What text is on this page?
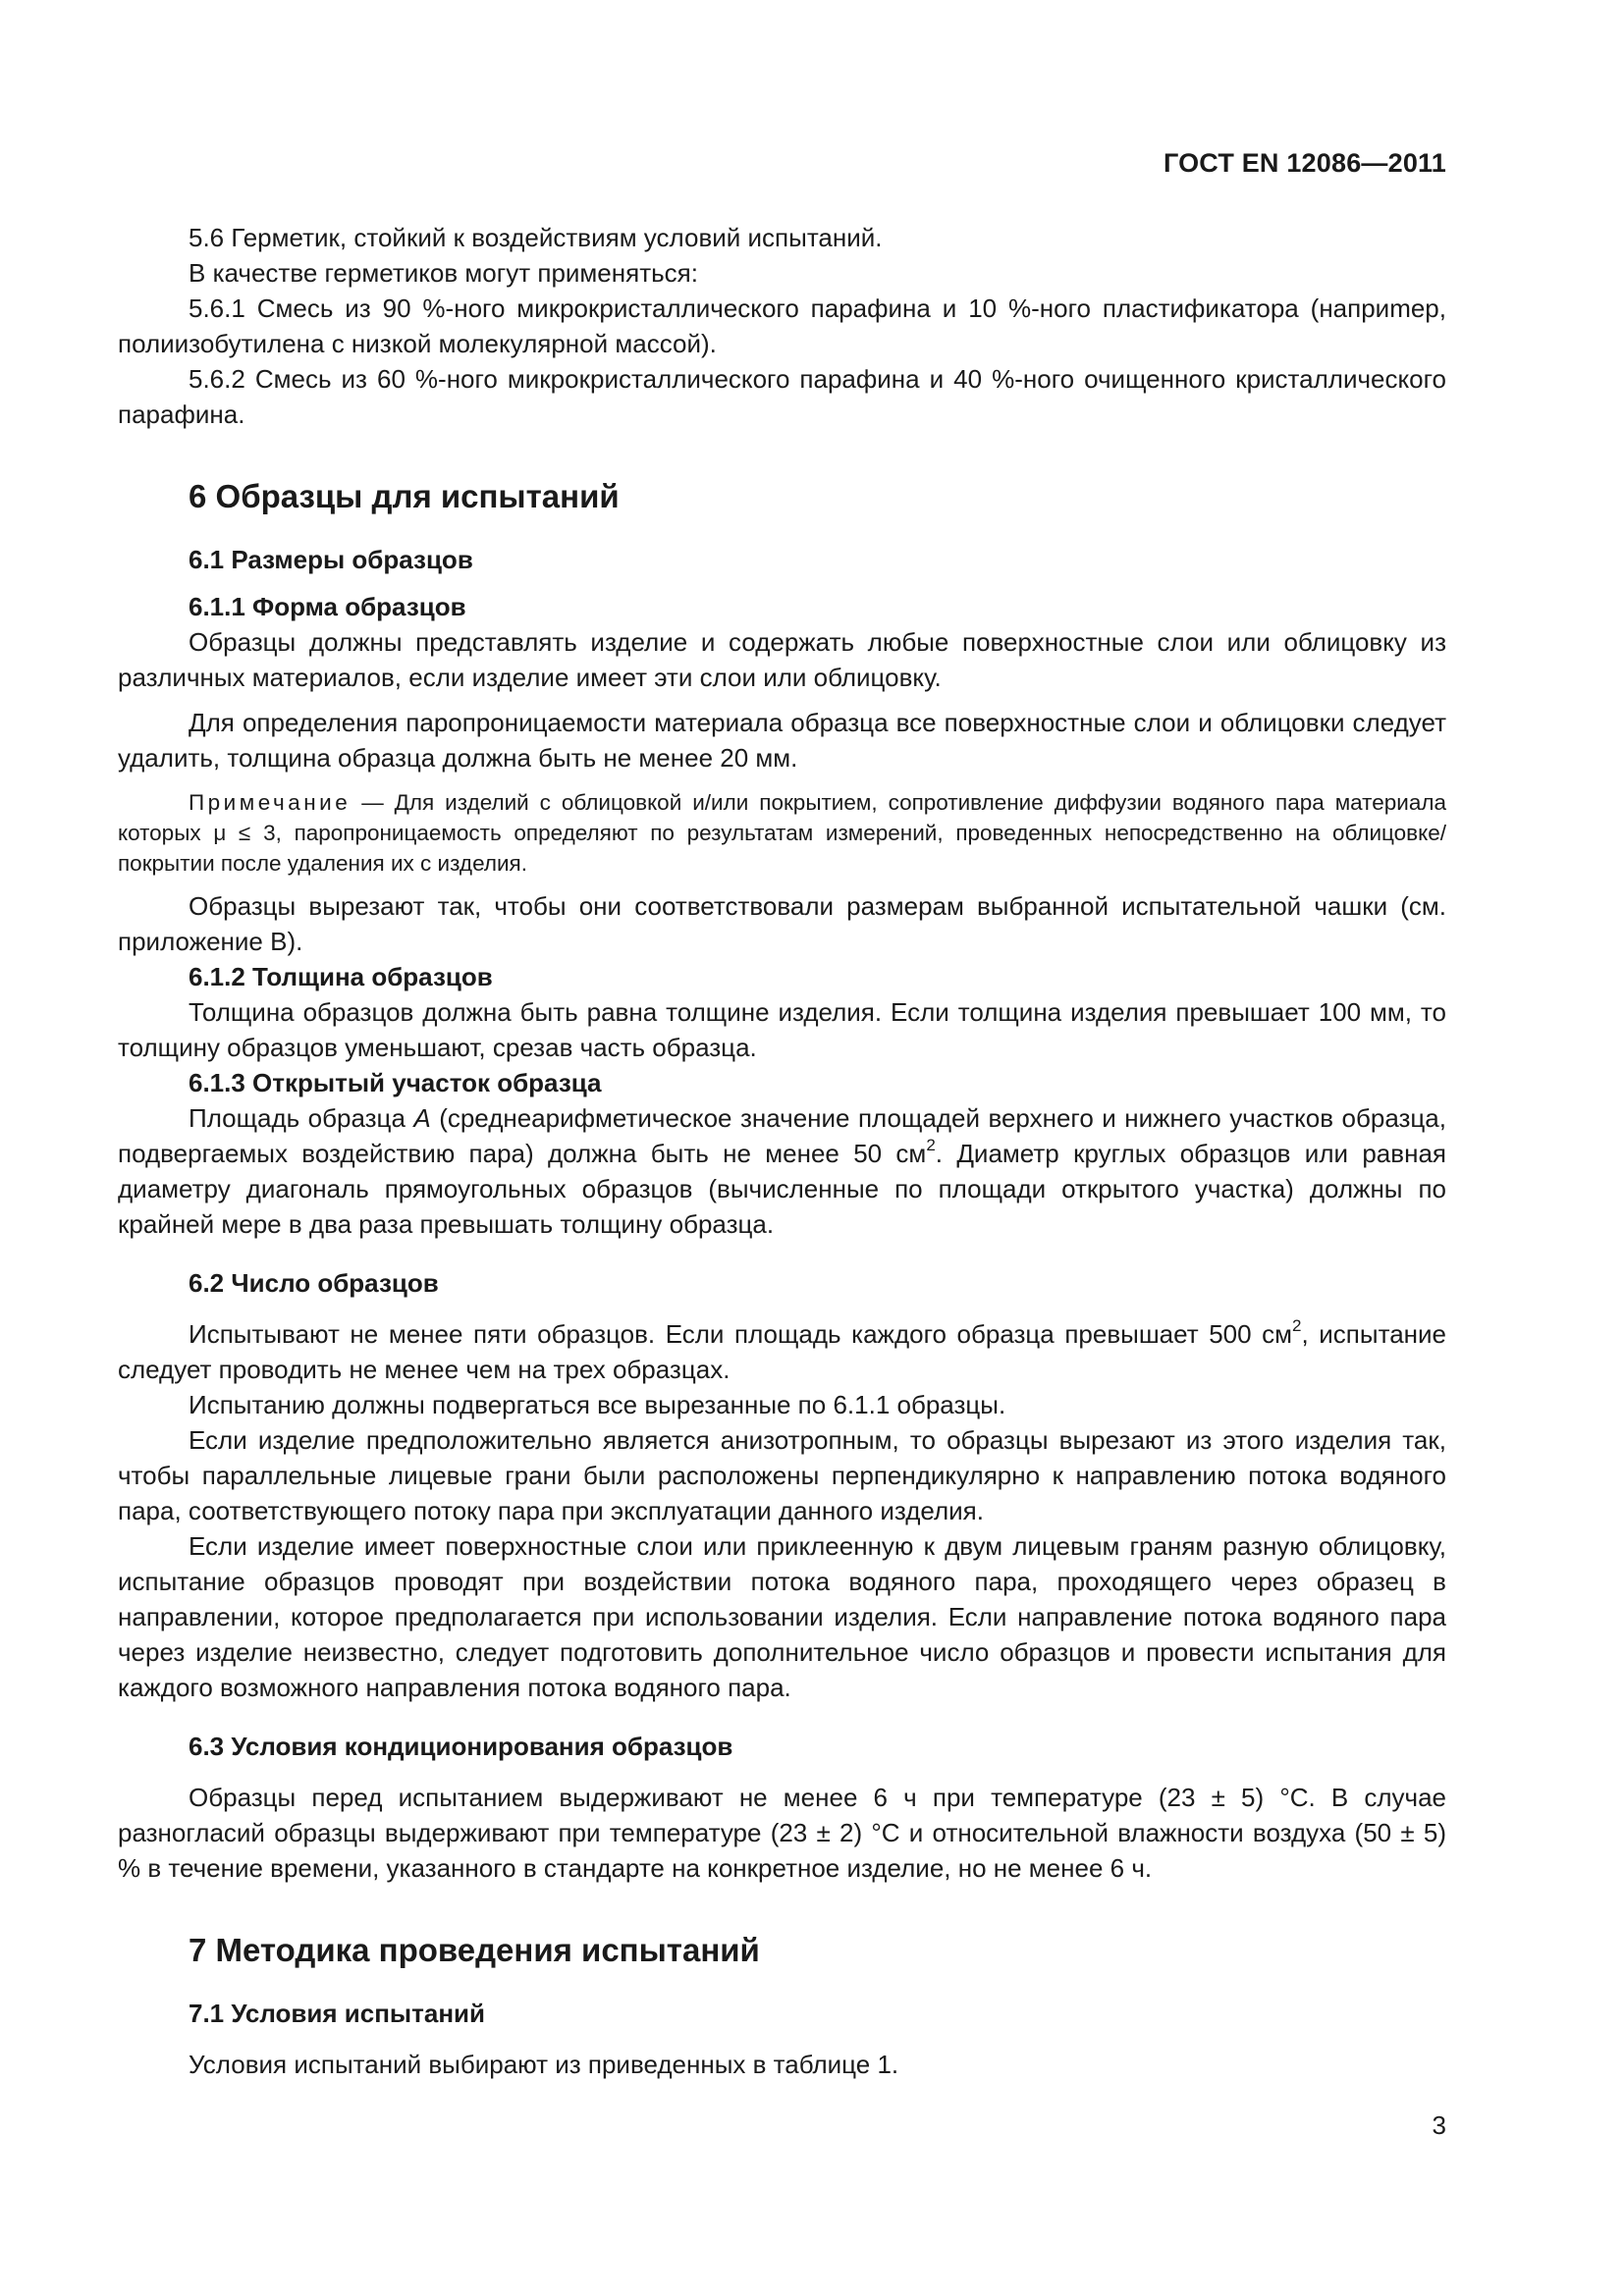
ГОСТ EN 12086—2011

5.6 Герметик, стойкий к воздействиям условий испытаний.

В качестве герметиков могут применяться:

5.6.1 Смесь из 90 %-ного микрокристаллического парафина и 10 %-ного пластификатора (наприmер, полиизобутилена с низкой молекулярной массой).

5.6.2 Смесь из 60 %-ного микрокристаллического парафина и 40 %-ного очищенного кристаллического парафина.

6 Образцы для испытаний
6.1 Размеры образцов
6.1.1 Форма образцов

Образцы должны представлять изделие и содержать любые поверхностные слои или облицовку из различных материалов, если изделие имеет эти слои или облицовку.

Для определения паропроницаемости материала образца все поверхностные слои и облицовки следует удалить, толщина образца должна быть не менее 20 мм.

Примечание — Для изделий с облицовкой и/или покрытием, сопротивление диффузии водяного пара материала которых μ ≤ 3, паропроницаемость определяют по результатам измерений, проведенных непосредственно на облицовке/покрытии после удаления их с изделия.

Образцы вырезают так, чтобы они соответствовали размерам выбранной испытательной чашки (см. приложение В).

6.1.2 Толщина образцов

Толщина образцов должна быть равна толщине изделия. Если толщина изделия превышает 100 мм, то толщину образцов уменьшают, срезав часть образца.

6.1.3 Открытый участок образца

Площадь образца A (среднеарифметическое значение площадей верхнего и нижнего участков образца, подвергаемых воздействию пара) должна быть не менее 50 $см^2$. Диаметр круглых образцов или равная диаметру диагональ прямоугольных образцов (вычисленные по площади открытого участка) должны по крайней мере в два раза превышать толщину образца.

6.2 Число образцов

Испытывают не менее пяти образцов. Если площадь каждого образца превышает 500 $см^2$, испытание следует проводить не менее чем на трех образцах.

Испытанию должны подвергаться все вырезанные по 6.1.1 образцы.

Если изделие предположительно является анизотропным, то образцы вырезают из этого изделия так, чтобы параллельные лицевые грани были расположены перпендикулярно к направлению потока водяного пара, соответствующего потоку пара при эксплуатации данного изделия.

Если изделие имеет поверхностные слои или приклеенную к двум лицевым граням разную облицовку, испытание образцов проводят при воздействии потока водяного пара, проходящего через образец в направлении, которое предполагается при использовании изделия. Если направление потока водяного пара через изделие неизвестно, следует подготовить дополнительное число образцов и провести испытания для каждого возможного направления потока водяного пара.

6.3 Условия кондиционирования образцов

Образцы перед испытанием выдерживают не менее 6 ч при температуре (23 ± 5) °С. В случае разногласий образцы выдерживают при температуре (23 ± 2) °С и относительной влажности воздуха (50 ± 5) % в течение времени, указанного в стандарте на конкретное изделие, но не менее 6 ч.

7 Методика проведения испытаний
7.1 Условия испытаний

Условия испытаний выбирают из приведенных в таблице 1.

3
